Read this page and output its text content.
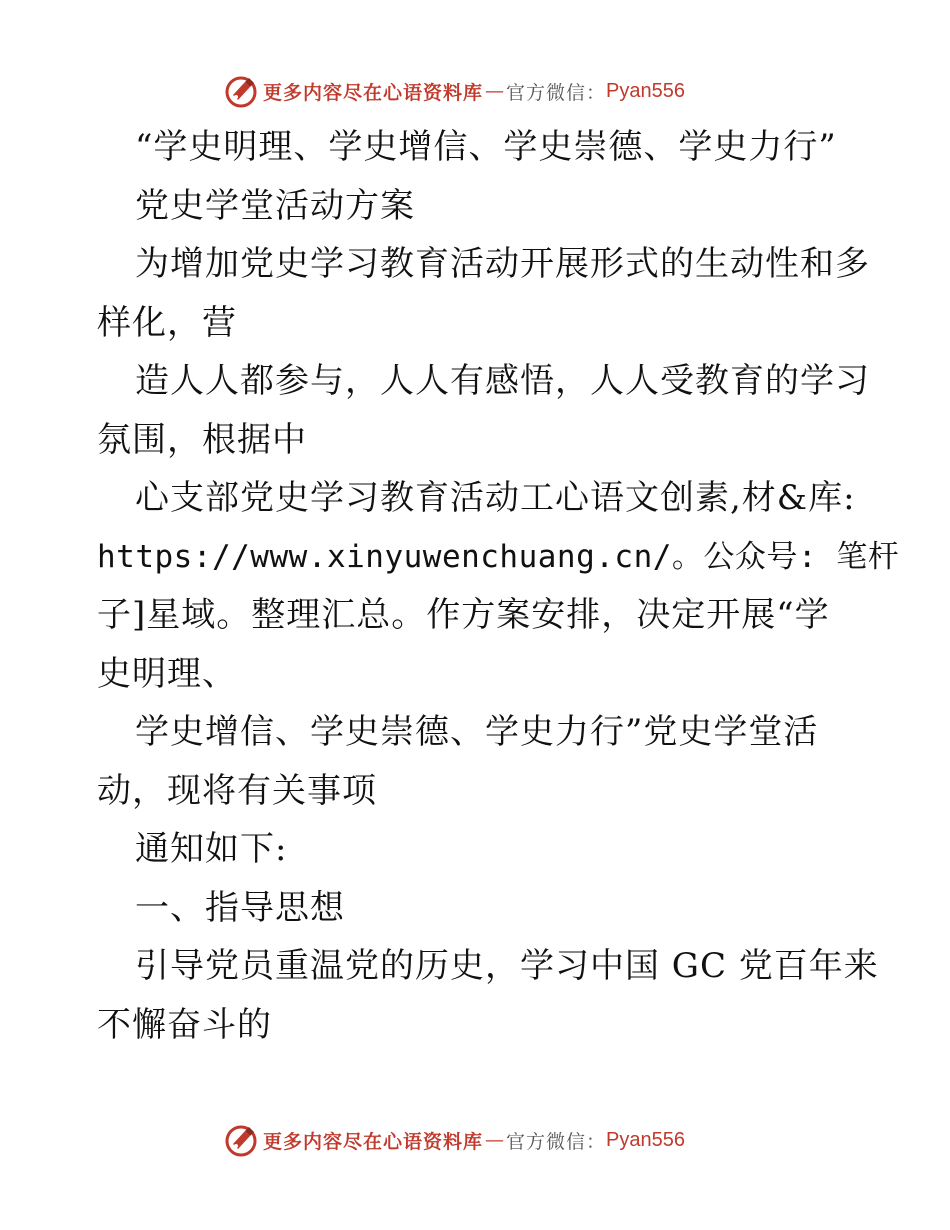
更多内容尽在心语资料库 — 官方微信： Pyan556
“学史明理、学史增信、学史崇德、学史力行”
党史学堂活动方案
为增加党史学习教育活动开展形式的生动性和多
样化，营
造人人都参与，人人有感悟，人人受教育的学习
氛围，根据中
心支部党史学习教育活动工心语文创素,材&库:
https://www.xinyuwenchuang.cn/。公众号: 笔杆
子]星域。整理汇总。作方案安排，决定开展“学
史明理、
学史增信、学史崇德、学史力行”党史学堂活
动，现将有关事项
通知如下:
一、指导思想
引导党员重温党的历史，学习中国 GC 党百年来
不懈奋斗的
更多内容尽在心语资料库 — 官方微信： Pyan556
